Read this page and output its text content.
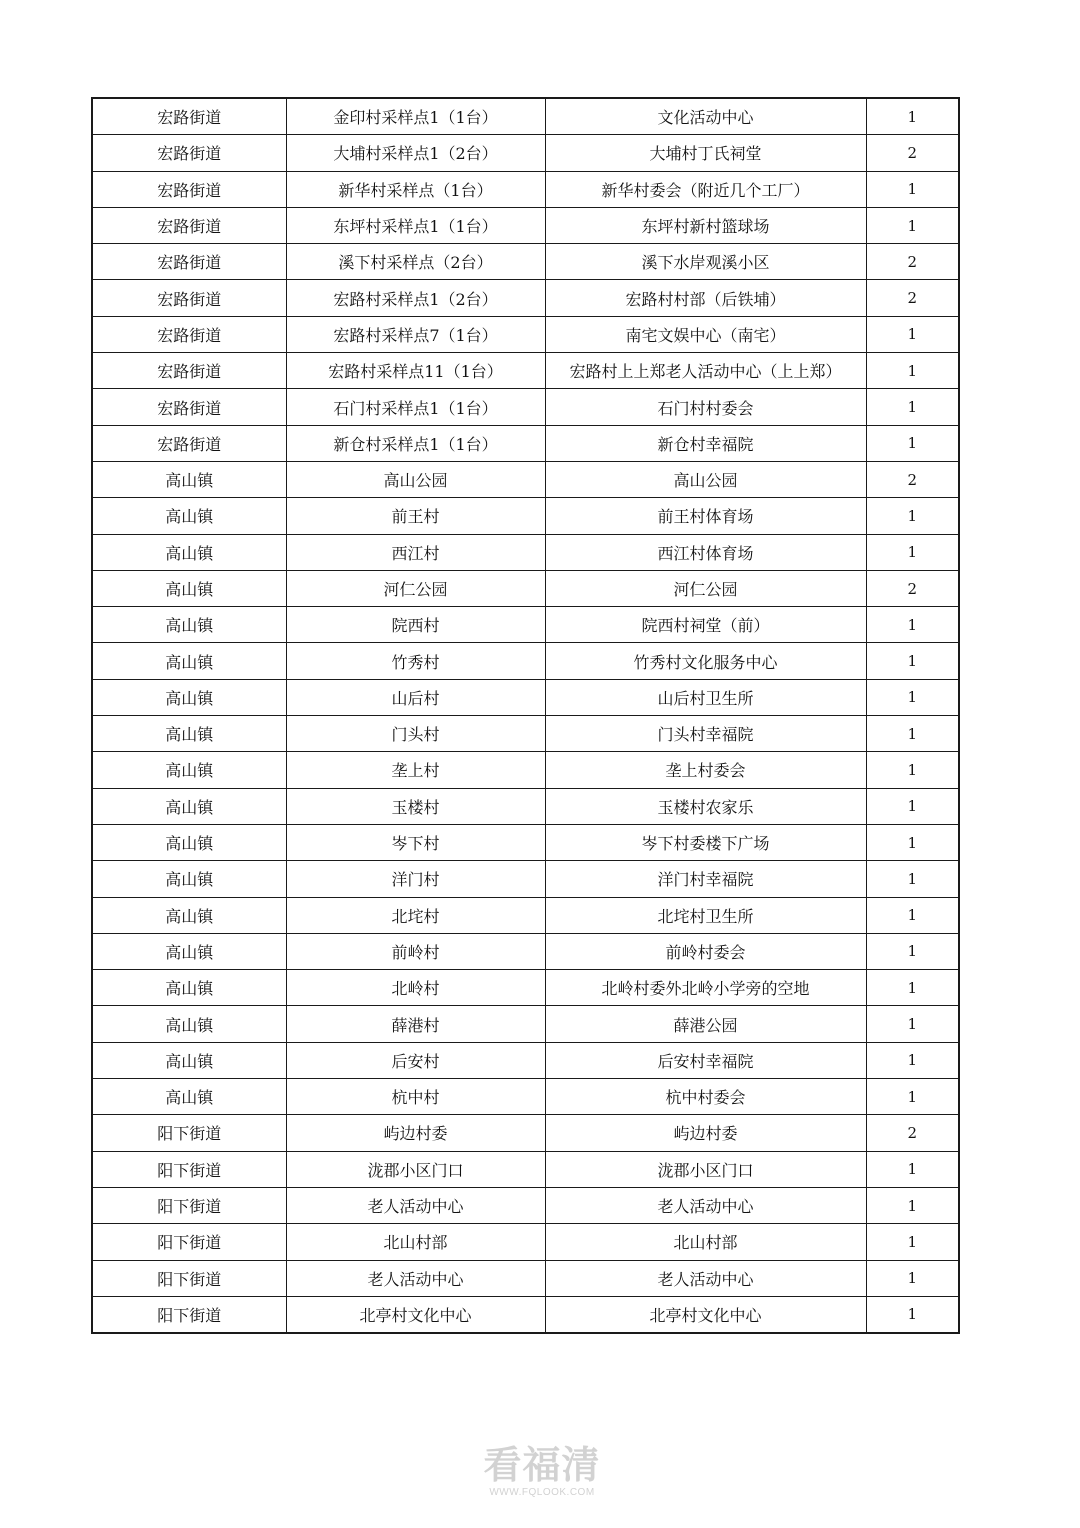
宏路街道	金印村采样点1（1台）	文化活动中心	1
宏路街道	大埔村采样点1（2台）	大埔村丁氏祠堂	2
宏路街道	新华村采样点（1台）	新华村委会（附近几个工厂）	1
宏路街道	东坪村采样点1（1台）	东坪村新村篮球场	1
宏路街道	溪下村采样点（2台）	溪下水岸观溪小区	2
宏路街道	宏路村采样点1（2台）	宏路村村部（后铁埔）	2
宏路街道	宏路村采样点7（1台）	南宅文娱中心（南宅）	1
宏路街道	宏路村采样点11（1台）	宏路村上上郑老人活动中心（上上郑）	1
宏路街道	石门村采样点1（1台）	石门村村委会	1
宏路街道	新仓村采样点1（1台）	新仓村幸福院	1
高山镇	高山公园	高山公园	2
高山镇	前王村	前王村体育场	1
高山镇	西江村	西江村体育场	1
高山镇	河仁公园	河仁公园	2
高山镇	院西村	院西村祠堂（前）	1
高山镇	竹秀村	竹秀村文化服务中心	1
高山镇	山后村	山后村卫生所	1
高山镇	门头村	门头村幸福院	1
高山镇	垄上村	垄上村委会	1
高山镇	玉楼村	玉楼村农家乐	1
高山镇	岑下村	岑下村委楼下广场	1
高山镇	洋门村	洋门村幸福院	1
高山镇	北垞村	北垞村卫生所	1
高山镇	前岭村	前岭村委会	1
高山镇	北岭村	北岭村委外北岭小学旁的空地	1
高山镇	薛港村	薛港公园	1
高山镇	后安村	后安村幸福院	1
高山镇	杭中村	杭中村委会	1
阳下街道	屿边村委	屿边村委	2
阳下街道	泷郡小区门口	泷郡小区门口	1
阳下街道	老人活动中心	老人活动中心	1
阳下街道	北山村部	北山村部	1
阳下街道	老人活动中心	老人活动中心	1
阳下街道	北亭村文化中心	北亭村文化中心	1
看福清
WWW.FQLOOK.COM
